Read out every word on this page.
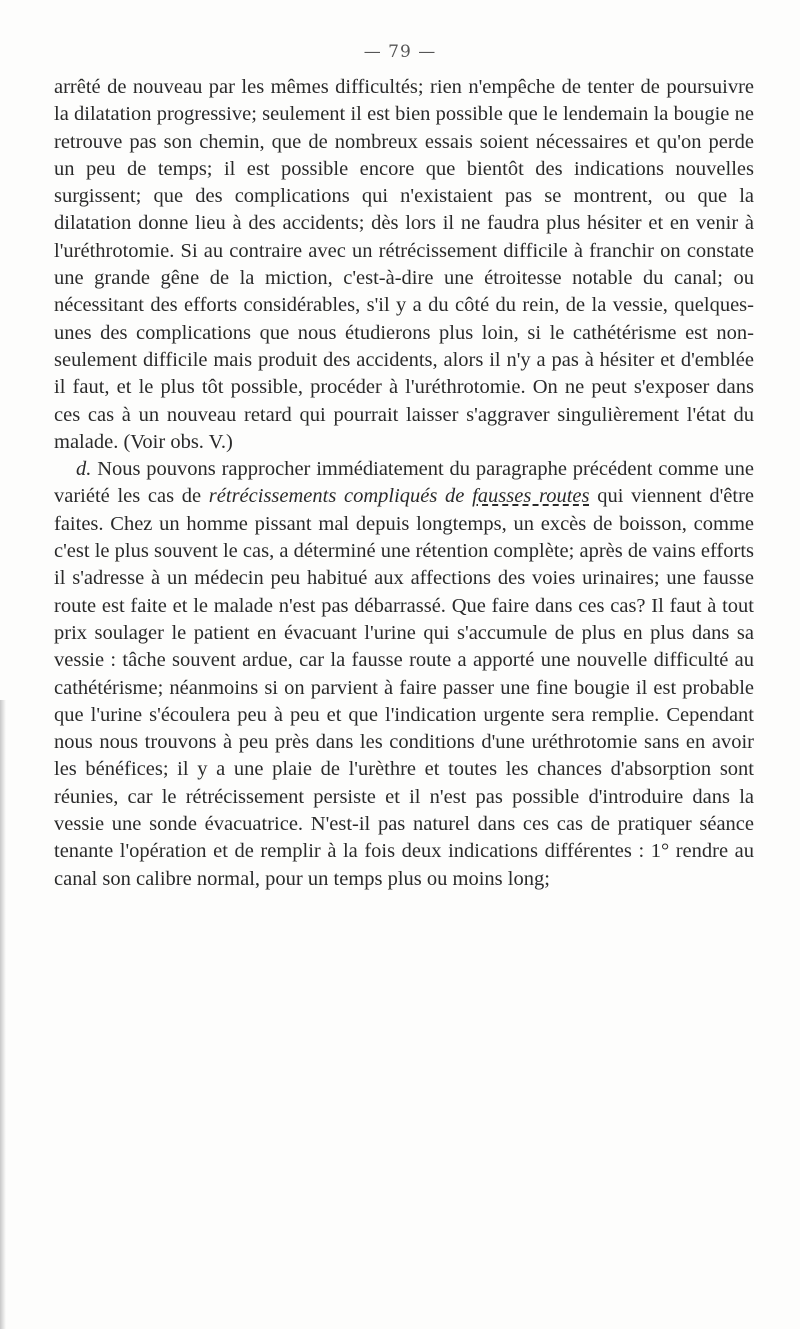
— 79 —

arrêté de nouveau par les mêmes difficultés; rien n'empêche de tenter de poursuivre la dilatation progressive; seulement il est bien possible que le lendemain la bougie ne retrouve pas son chemin, que de nombreux essais soient nécessaires et qu'on perde un peu de temps; il est possible encore que bientôt des indications nouvelles surgissent; que des complications qui n'existaient pas se montrent, ou que la dilatation donne lieu à des accidents; dès lors il ne faudra plus hésiter et en venir à l'uréthrotomie. Si au contraire avec un rétrécissement difficile à franchir on constate une grande gêne de la miction, c'est-à-dire une étroitesse notable du canal; ou nécessitant des efforts considérables, s'il y a du côté du rein, de la vessie, quelques-unes des complications que nous étudierons plus loin, si le cathétérisme est non-seulement difficile mais produit des accidents, alors il n'y a pas à hésiter et d'emblée il faut, et le plus tôt possible, procéder à l'uréthrotomie. On ne peut s'exposer dans ces cas à un nouveau retard qui pourrait laisser s'aggraver singulièrement l'état du malade. (Voir obs. V.)

d. Nous pouvons rapprocher immédiatement du paragraphe précédent comme une variété les cas de rétrécissements compliqués de fausses routes qui viennent d'être faites. Chez un homme pissant mal depuis longtemps, un excès de boisson, comme c'est le plus souvent le cas, a déterminé une rétention complète; après de vains efforts il s'adresse à un médecin peu habitué aux affections des voies urinaires; une fausse route est faite et le malade n'est pas débarrassé. Que faire dans ces cas? Il faut à tout prix soulager le patient en évacuant l'urine qui s'accumule de plus en plus dans sa vessie : tâche souvent ardue, car la fausse route a apporté une nouvelle difficulté au cathétérisme; néanmoins si on parvient à faire passer une fine bougie il est probable que l'urine s'écoulera peu à peu et que l'indication urgente sera remplie. Cependant nous nous trouvons à peu près dans les conditions d'une uréthrotomie sans en avoir les bénéfices; il y a une plaie de l'urèthre et toutes les chances d'absorption sont réunies, car le rétrécissement persiste et il n'est pas possible d'introduire dans la vessie une sonde évacuatrice. N'est-il pas naturel dans ces cas de pratiquer séance tenante l'opération et de remplir à la fois deux indications différentes : 1° rendre au canal son calibre normal, pour un temps plus ou moins long;
